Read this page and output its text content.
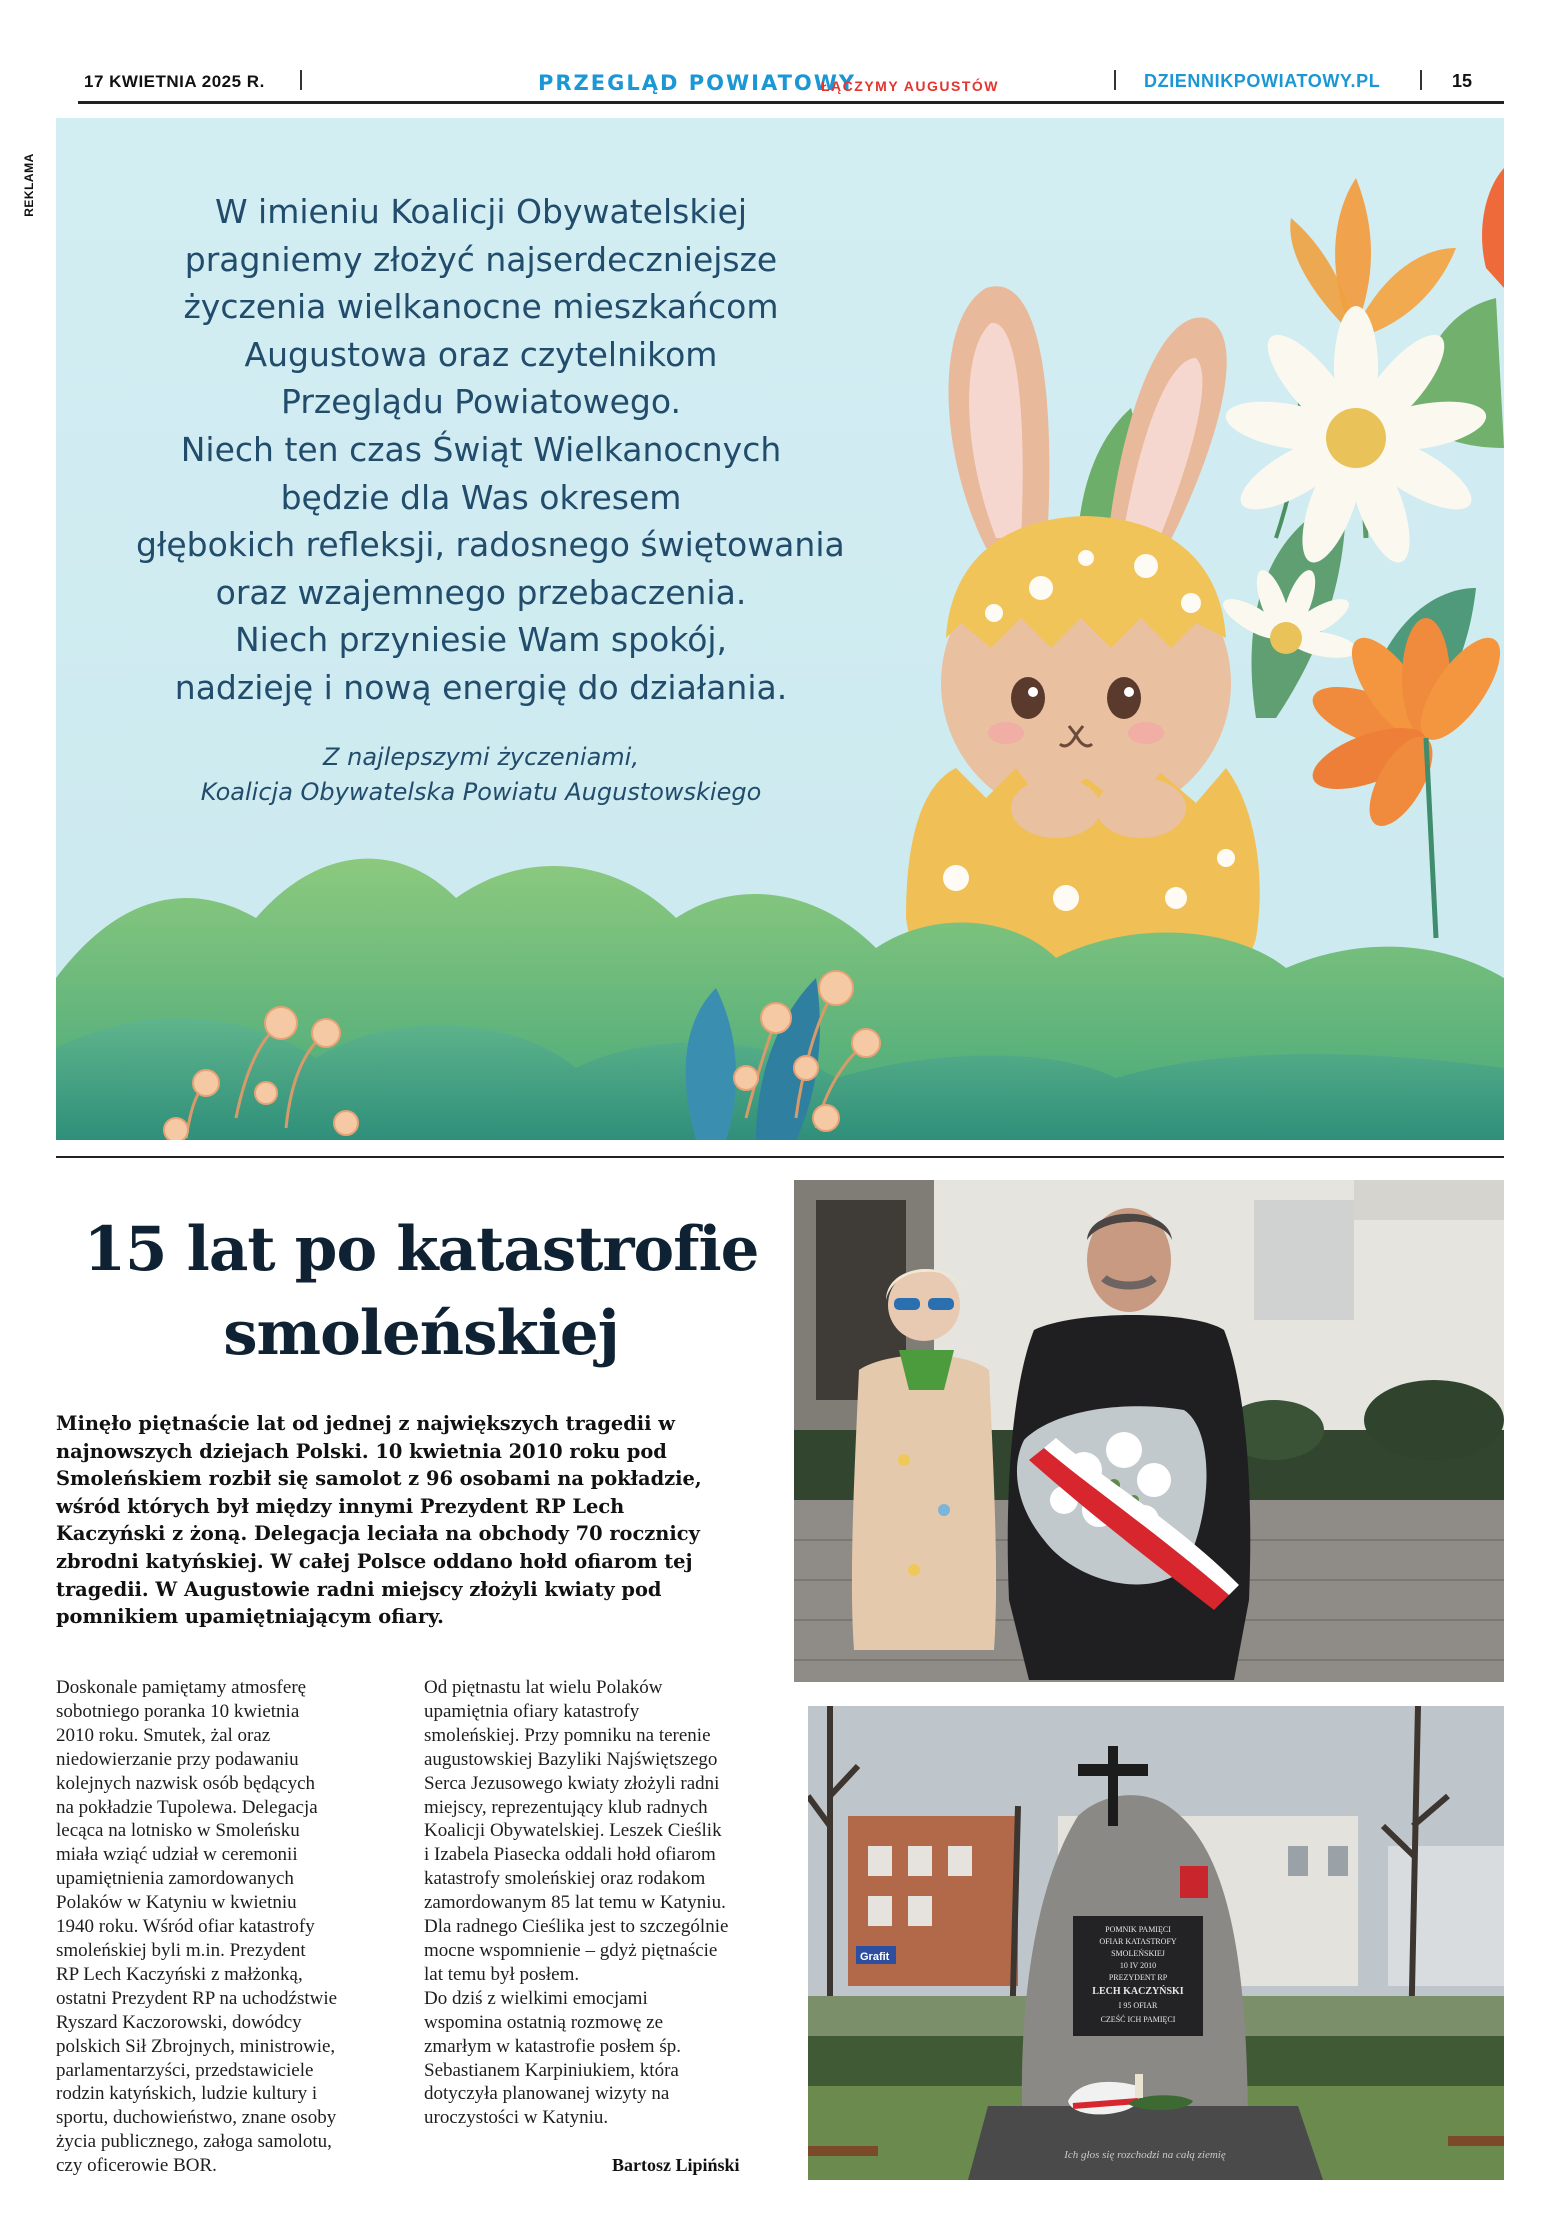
17 KWIETNIA 2025 R.	PRZEGLĄD POWIATOWY
ŁĄCZYMY AUGUSTÓW	DZIENNIKPOWIATOWY.PL	15
REKLAMA	W imieniu Koalicji Obywatelskiej
pragniemy złożyć najserdeczniejsze
życzenia wielkanocne mieszkańcom
Augustowa oraz czytelnikom
Przeglądu Powiatowego.
Niech ten czas Świąt Wielkanocnych
będzie dla Was okresem
głębokich refleksji, radosnego świętowania
oraz wzajemnego przebaczenia.
Niech przyniesie Wam spokój,
nadzieję i nową energię do działania.
Z najlepszymi życzeniami,
Koalicja Obywatelska Powiatu Augustowskiego
15 lat po katastrofie
smoleńskiej
Minęło piętnaście lat od jednej z największych tragedii w
najnowszych dziejach Polski. 10 kwietnia 2010 roku pod
Smoleńskiem rozbił się samolot z 96 osobami na pokładzie,
wśród których był między innymi Prezydent RP Lech
Kaczyński z żoną. Delegacja leciała na obchody 70 rocznicy
zbrodni katyńskiej. W całej Polsce oddano hołd ofiarom tej
tragedii. W Augustowie radni miejscy złożyli kwiaty pod
pomnikiem upamiętniającym ofiary.
Doskonale pamiętamy atmosferę
sobotniego poranka 10 kwietnia
2010 roku. Smutek, żal oraz
niedowierzanie przy podawaniu
kolejnych nazwisk osób będących
na pokładzie Tupolewa. Delegacja
lecąca na lotnisko w Smoleńsku
miała wziąć udział w ceremonii
upamiętnienia zamordowanych
Polaków w Katyniu w kwietniu
1940 roku. Wśród ofiar katastrofy
smoleńskiej byli m.in. Prezydent
RP Lech Kaczyński z małżonką,
ostatni Prezydent RP na uchodźstwie
Ryszard Kaczorowski, dowódcy
polskich Sił Zbrojnych, ministrowie,
parlamentarzyści, przedstawiciele
rodzin katyńskich, ludzie kultury i
sportu, duchowieństwo, znane osoby
życia publicznego, załoga samolotu,
czy oficerowie BOR.
Od piętnastu lat wielu Polaków
upamiętnia ofiary katastrofy
smoleńskiej. Przy pomniku na terenie
augustowskiej Bazyliki Najświętszego
Serca Jezusowego kwiaty złożyli radni
miejscy, reprezentujący klub radnych
Koalicji Obywatelskiej. Leszek Cieślik
i Izabela Piasecka oddali hołd ofiarom
katastrofy smoleńskiej oraz rodakom
zamordowanym 85 lat temu w Katyniu.
Dla radnego Cieślika jest to szczególnie
mocne wspomnienie – gdyż piętnaście
lat temu był posłem.
Do dziś z wielkimi emocjami
wspomina ostatnią rozmowę ze
zmarłym w katastrofie posłem śp.
Sebastianem Karpiniukiem, która
dotyczyła planowanej wizyty na
uroczystości w Katyniu.
Bartosz Lipiński
Grafit
POMNIK PAMIĘCI
OFIAR KATASTROFY
SMOLEŃSKIEJ
10 IV 2010
PREZYDENT RP
LECH KACZYŃSKI
I 95 OFIAR
CZEŚĆ ICH PAMIĘCI
Ich głos się rozchodzi na całą ziemię
